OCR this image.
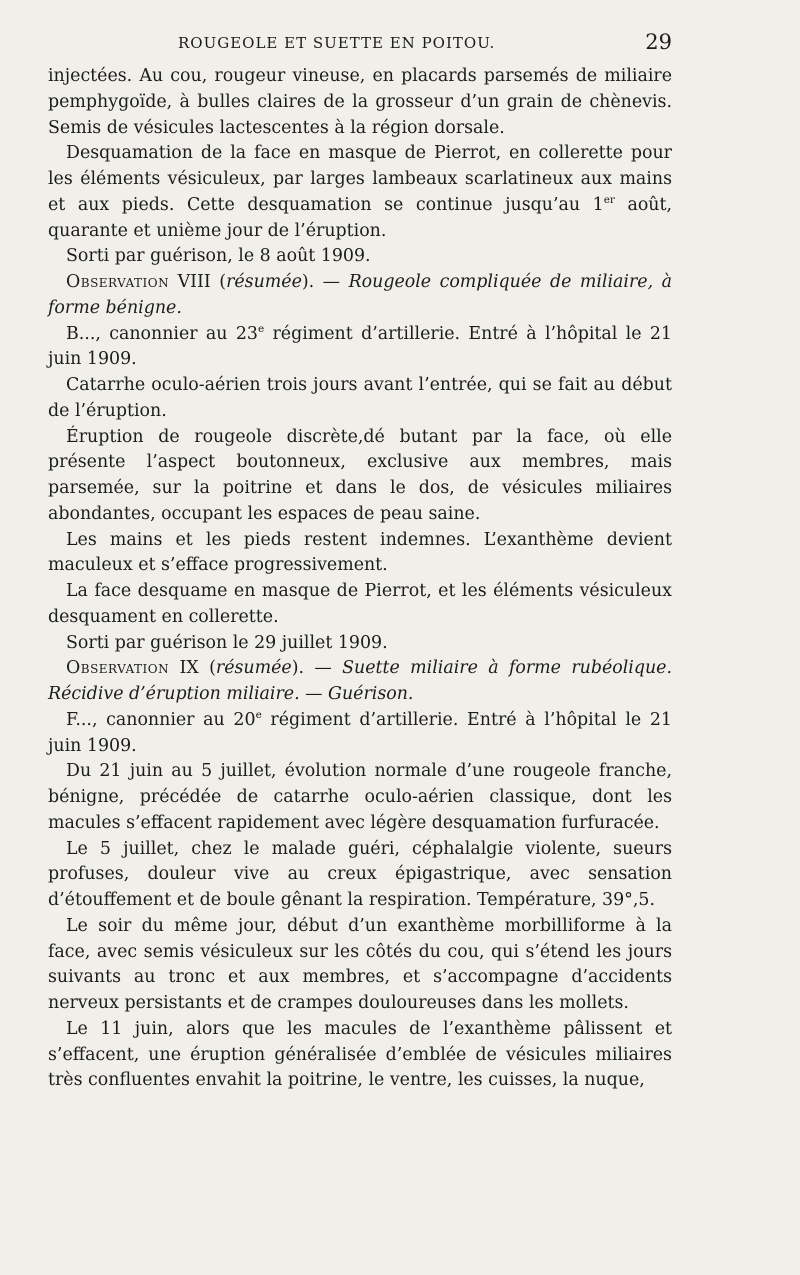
ROUGEOLE ET SUETTE EN POITOU.	29

injectées. Au cou, rougeur vineuse, en placards parsemés de miliaire pemphygoïde, à bulles claires de la grosseur d’un grain de chènevis. Semis de vésicules lactescentes à la région dorsale.

Desquamation de la face en masque de Pierrot, en collerette pour les éléments vésiculeux, par larges lambeaux scarlatineux aux mains et aux pieds. Cette desquamation se continue jusqu’au 1er août, quarante et unième jour de l’éruption.

Sorti par guérison, le 8 août 1909.

Observation VIII (résumée). — Rougeole compliquée de miliaire, à forme bénigne.

B..., canonnier au 23e régiment d’artillerie. Entré à l’hôpital le 21 juin 1909.

Catarrhe oculo-aérien trois jours avant l’entrée, qui se fait au début de l’éruption.

Éruption de rougeole discrète,dé butant par la face, où elle présente l’aspect boutonneux, exclusive aux membres, mais parsemée, sur la poitrine et dans le dos, de vésicules miliaires abondantes, occupant les espaces de peau saine.

Les mains et les pieds restent indemnes. L’exanthème devient maculeux et s’efface progressivement.

La face desquame en masque de Pierrot, et les éléments vésiculeux desquament en collerette.

Sorti par guérison le 29 juillet 1909.

Observation IX (résumée). — Suette miliaire à forme rubéolique. Récidive d’éruption miliaire. — Guérison.

F..., canonnier au 20e régiment d’artillerie. Entré à l’hôpital le 21 juin 1909.

Du 21 juin au 5 juillet, évolution normale d’une rougeole franche, bénigne, précédée de catarrhe oculo-aérien classique, dont les macules s’effacent rapidement avec légère desquamation furfuracée.

Le 5 juillet, chez le malade guéri, céphalalgie violente, sueurs profuses, douleur vive au creux épigastrique, avec sensation d’étouffement et de boule gênant la respiration. Température, 39°,5.

Le soir du même jour, début d’un exanthème morbilliforme à la face, avec semis vésiculeux sur les côtés du cou, qui s’étend les jours suivants au tronc et aux membres, et s’accompagne d’accidents nerveux persistants et de crampes douloureuses dans les mollets.

Le 11 juin, alors que les macules de l’exanthème pâlissent et s’effacent, une éruption généralisée d’emblée de vésicules miliaires très confluentes envahit la poitrine, le ventre, les cuisses, la nuque,
